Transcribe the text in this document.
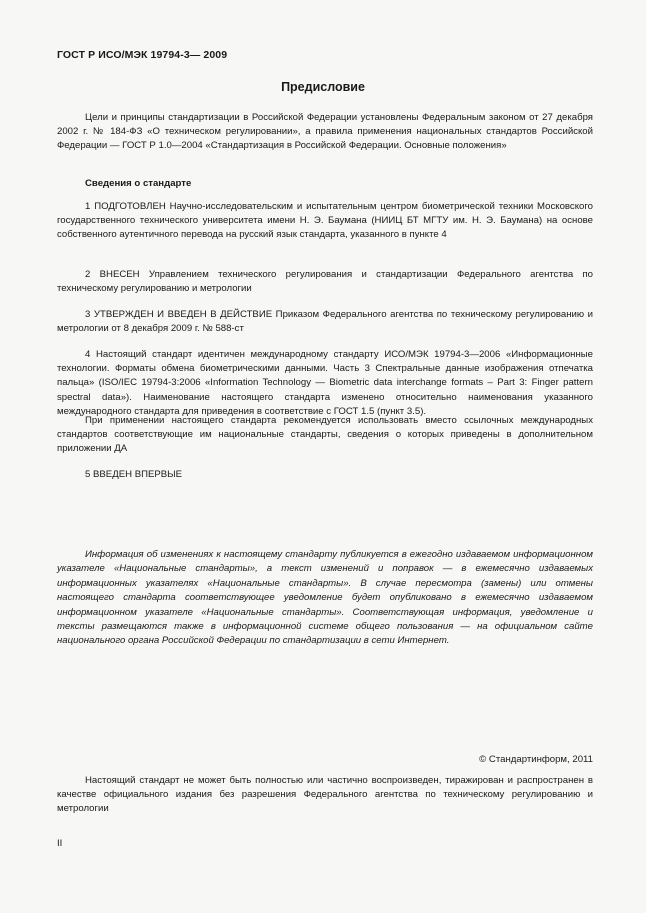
ГОСТ Р ИСО/МЭК 19794-3— 2009
Предисловие

Цели и принципы стандартизации в Российской Федерации установлены Федеральным законом от 27 декабря 2002 г. № 184-ФЗ «О техническом регулировании», а правила применения национальных стандартов Российской Федерации — ГОСТ Р 1.0—2004 «Стандартизация в Российской Федерации. Основные положения»

Сведения о стандарте

1 ПОДГОТОВЛЕН Научно-исследовательским и испытательным центром биометрической техники Московского государственного технического университета имени Н. Э. Баумана (НИИЦ БТ МГТУ им. Н. Э. Баумана) на основе собственного аутентичного перевода на русский язык стандарта, указанного в пункте 4

2 ВНЕСЕН Управлением технического регулирования и стандартизации Федерального агентства по техническому регулированию и метрологии

3 УТВЕРЖДЕН И ВВЕДЕН В ДЕЙСТВИЕ Приказом Федерального агентства по техническому регулированию и метрологии от 8 декабря 2009 г. № 588-ст

4 Настоящий стандарт идентичен международному стандарту ИСО/МЭК 19794-3—2006 «Информационные технологии. Форматы обмена биометрическими данными. Часть 3 Спектральные данные изображения отпечатка пальца» (ISO/IEC 19794-3:2006 «Information Technology — Biometric data interchange formats – Part 3: Finger pattern spectral data»). Наименование настоящего стандарта изменено относительно наименования указанного международного стандарта для приведения в соответствие с ГОСТ 1.5 (пункт 3.5).

При применении настоящего стандарта рекомендуется использовать вместо ссылочных международных стандартов соответствующие им национальные стандарты, сведения о которых приведены в дополнительном приложении ДА

5 ВВЕДЕН ВПЕРВЫЕ

Информация об изменениях к настоящему стандарту публикуется в ежегодно издаваемом информационном указателе «Национальные стандарты», а текст изменений и поправок — в ежемесячно издаваемых информационных указателях «Национальные стандарты». В случае пересмотра (замены) или отмены настоящего стандарта соответствующее уведомление будет опубликовано в ежемесячно издаваемом информационном указателе «Национальные стандарты». Соответствующая информация, уведомление и тексты размещаются также в информационной системе общего пользования — на официальном сайте национального органа Российской Федерации по стандартизации в сети Интернет.

© Стандартинформ, 2011

Настоящий стандарт не может быть полностью или частично воспроизведен, тиражирован и распространен в качестве официального издания без разрешения Федерального агентства по техническому регулированию и метрологии

II
